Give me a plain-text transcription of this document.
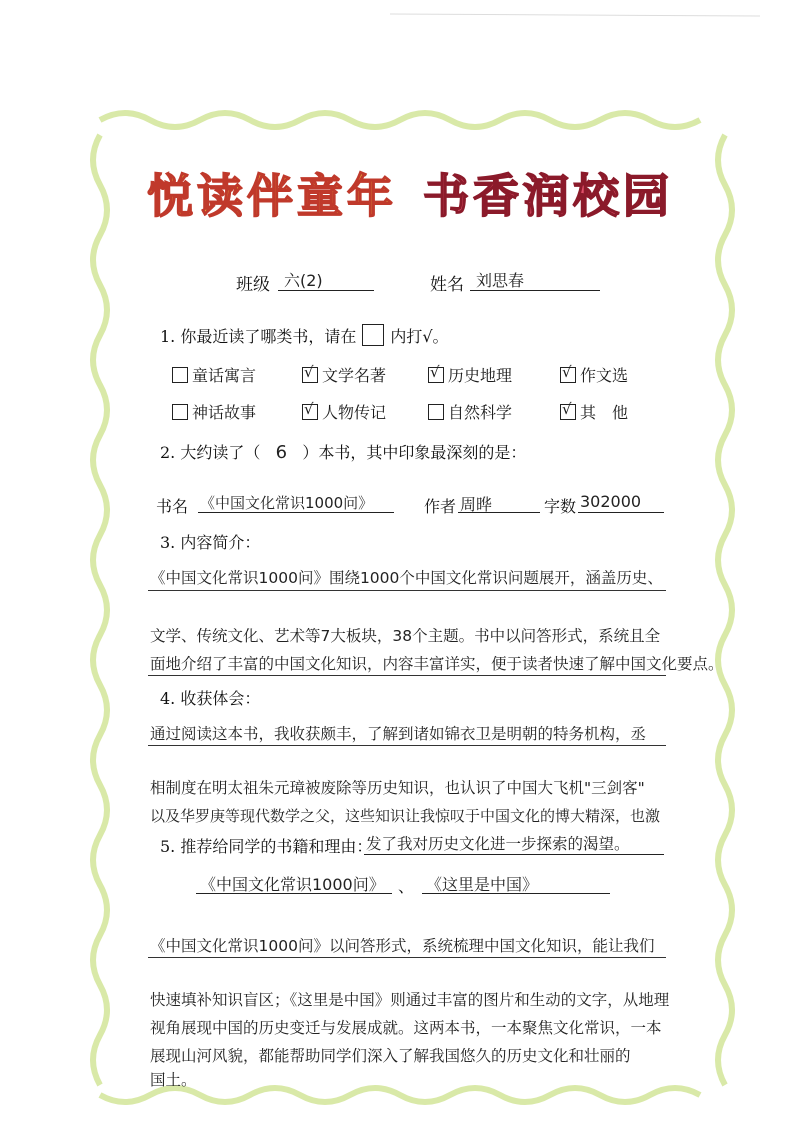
悦读伴童年 书香润校园
班级 六(2)	姓名 刘思春
1. 你最近读了哪类书，请在 内打√。
童话寓言	√ 文学名著	√ 历史地理	√ 作文选
神话故事	√ 人物传记	自然科学	√ 其　他
2. 大约读了（ 6 ）本书，其中印象最深刻的是：
书名 《中国文化常识1000问》	作者 周晔	字数 302000
3. 内容简介：
《中国文化常识1000问》围绕1000个中国文化常识问题展开，涵盖历史、
文学、传统文化、艺术等7大板块，38个主题。书中以问答形式，系统且全
面地介绍了丰富的中国文化知识，内容丰富详实，便于读者快速了解中国文化要点。
4. 收获体会：
通过阅读这本书，我收获颇丰，了解到诸如锦衣卫是明朝的特务机构，丞
相制度在明太祖朱元璋被废除等历史知识，也认识了中国大飞机"三剑客"
以及华罗庚等现代数学之父，这些知识让我惊叹于中国文化的博大精深，也激
5. 推荐给同学的书籍和理由：
发了我对历史文化进一步探索的渴望。
《中国文化常识1000问》 、 《这里是中国》
《中国文化常识1000问》以问答形式，系统梳理中国文化知识，能让我们
快速填补知识盲区；《这里是中国》则通过丰富的图片和生动的文字，从地理
视角展现中国的历史变迁与发展成就。这两本书，一本聚焦文化常识，一本
展现山河风貌，都能帮助同学们深入了解我国悠久的历史文化和壮丽的
国土。
